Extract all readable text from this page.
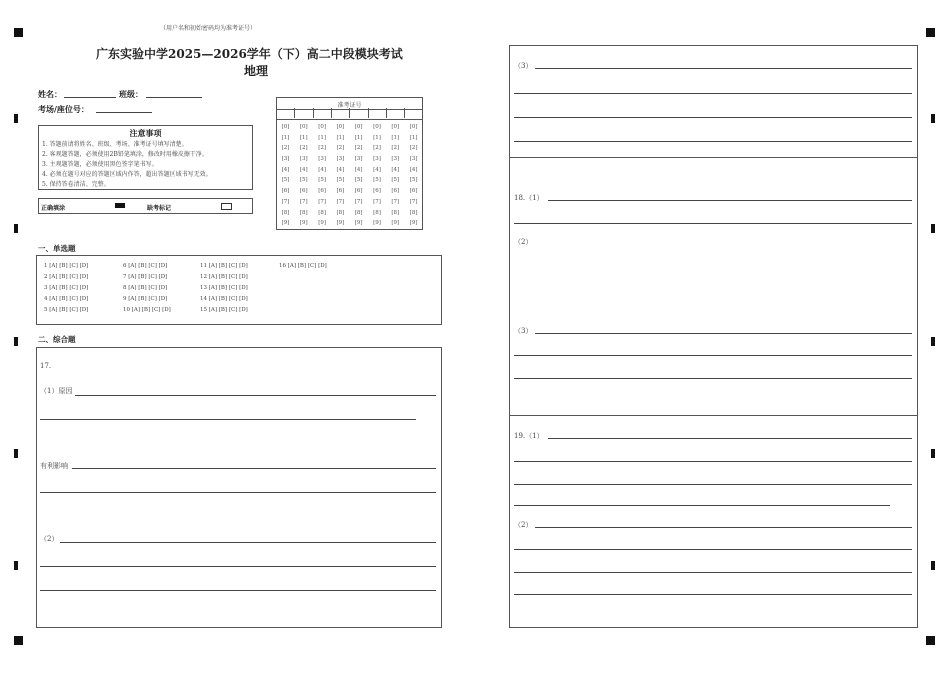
（用户名和初始密码均为准考证号）
广东实验中学2025—2026学年（下）高二中段模块考试
地理
姓名：	班级：
考场/座位号：
注意事项
1. 答题前请将姓名、班级、考场、准考证号填写清楚。
2. 客观题答题，必须使用2B铅笔填涂，修改时用橡皮擦干净。
3. 主观题答题，必须使用黑色签字笔书写。
4. 必须在题号对应的答题区域内作答，超出答题区域书写无效。
5. 保持答卷清洁、完整。
正确填涂	缺考标记
准考证号
[0]
[1]
[2]
[3]
[4]
[5]
[6]
[7]
[8]
[9]
[0]
[1]
[2]
[3]
[4]
[5]
[6]
[7]
[8]
[9]
[0]
[1]
[2]
[3]
[4]
[5]
[6]
[7]
[8]
[9]
[0]
[1]
[2]
[3]
[4]
[5]
[6]
[7]
[8]
[9]
[0]
[1]
[2]
[3]
[4]
[5]
[6]
[7]
[8]
[9]
[0]
[1]
[2]
[3]
[4]
[5]
[6]
[7]
[8]
[9]
[0]
[1]
[2]
[3]
[4]
[5]
[6]
[7]
[8]
[9]
[0]
[1]
[2]
[3]
[4]
[5]
[6]
[7]
[8]
[9]
一、单选题
1 [A] [B] [C] [D]
2 [A] [B] [C] [D]
3 [A] [B] [C] [D]
4 [A] [B] [C] [D]
5 [A] [B] [C] [D]
6 [A] [B] [C] [D]
7 [A] [B] [C] [D]
8 [A] [B] [C] [D]
9 [A] [B] [C] [D]
10 [A] [B] [C] [D]
11 [A] [B] [C] [D]
12 [A] [B] [C] [D]
13 [A] [B] [C] [D]
14 [A] [B] [C] [D]
15 [A] [B] [C] [D]
16 [A] [B] [C] [D]
二、综合题
17.
（1）原因
有利影响
（2）
（3）
18.（1）
（2）
（3）
19.（1）
（2）
